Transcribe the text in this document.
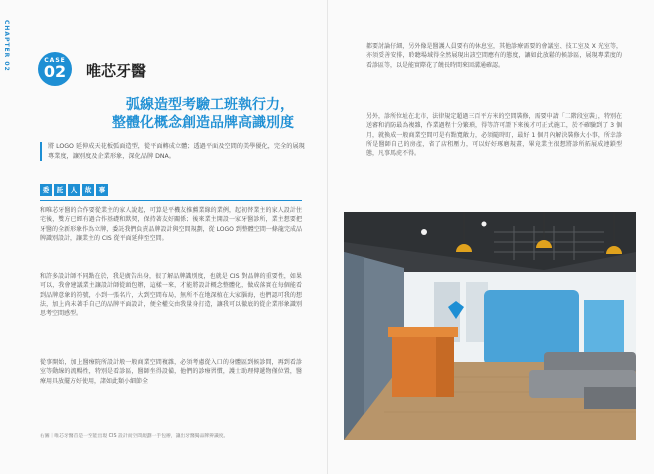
CHAPTER 02	CASE
02	唯芯牙醫
弧線造型考驗工班執行力，
整體化概念創造品牌高識別度
將 LOGO 延伸成天花板弧面造型，從平面轉成立體；透過平面及空間的美學優化，完全的展現專業度，讓別度及企業形象，深化品牌 DNA。
委	託	人	故	事
和唯芯牙醫的合作要從業主的家人說起，可算是平機友推薦業緣的業例，起初替業主的家人設計住宅後，雙方已經有過合作基礎和默契，保持著友好關係；後來業主開設一家牙醫診所，業主想要把牙醫的全新形象作為立牌，委託我們負責品牌設計與空間規劃，從 LOGO 到整體空間一條龍完成品牌識別設計，讓業主的 CIS 從平面延伸至空間。
和許多設計師不同點在於，我是廣告出身，很了解品牌識別度，也就是 CIS 對品牌的重要性，如果可以，我會建議業主讓設計師從頭包辦，這樣一來，才能將設計概念整體化，做成落實在每個能看到品牌意象的符號，小到一張名片，大到空間布局，無所不在地深植在大家腦海，也們認可我的想法，加上尚未著手自己的品牌平面設計，便全權交由我量身打造，讓我可以徹底的從企業形象識別思考空間感型。
從事開始，加上醫療院所設計般一般商業空間複雜，必須考慮從入口的身體區到候診間，再到看診室等動線的流暢性，特別是看診區，醫師坐得設備，他們的診療習慣，護士助理傳遞物僅位置，醫療用具放擺方好使用，諸如此類小細節全
右圖｜唯芯牙醫首是一至能出現 CIS 設計而空間規劃一手包辦，讓出牙醫獨品牌辨識度。
都要討論仔細，另外像是醫護人員要有的休息室，其他診療需要的會議室、技工室及 X 光室等，亦須妥善安排，聆聽場域得全然展現出該空間應有的態度，讓如此放鬆的候診區，展現專業度的看診區等，以是能實際花了饒長時間來回溝通確認。
另外，診所位址在北市，法律規定超過三百平方米的空間裝修，需要申請「二階段室裝」，特別在送審和消防最為複雜，作業過程十分繁瑣，得等許可證下來後才可正式施工，於不確驗到了 3 個月，就換成一般商業空間可是有點寬敞力，必須隨時盯，最好 1 個月內解決裝修大小事，所幸診所是醫師自己的房產，省了店租壓力，可以好好琢磨規畫，畢竟業主很想將診所拓展成連鎖型態，凡事馬虎不得。
